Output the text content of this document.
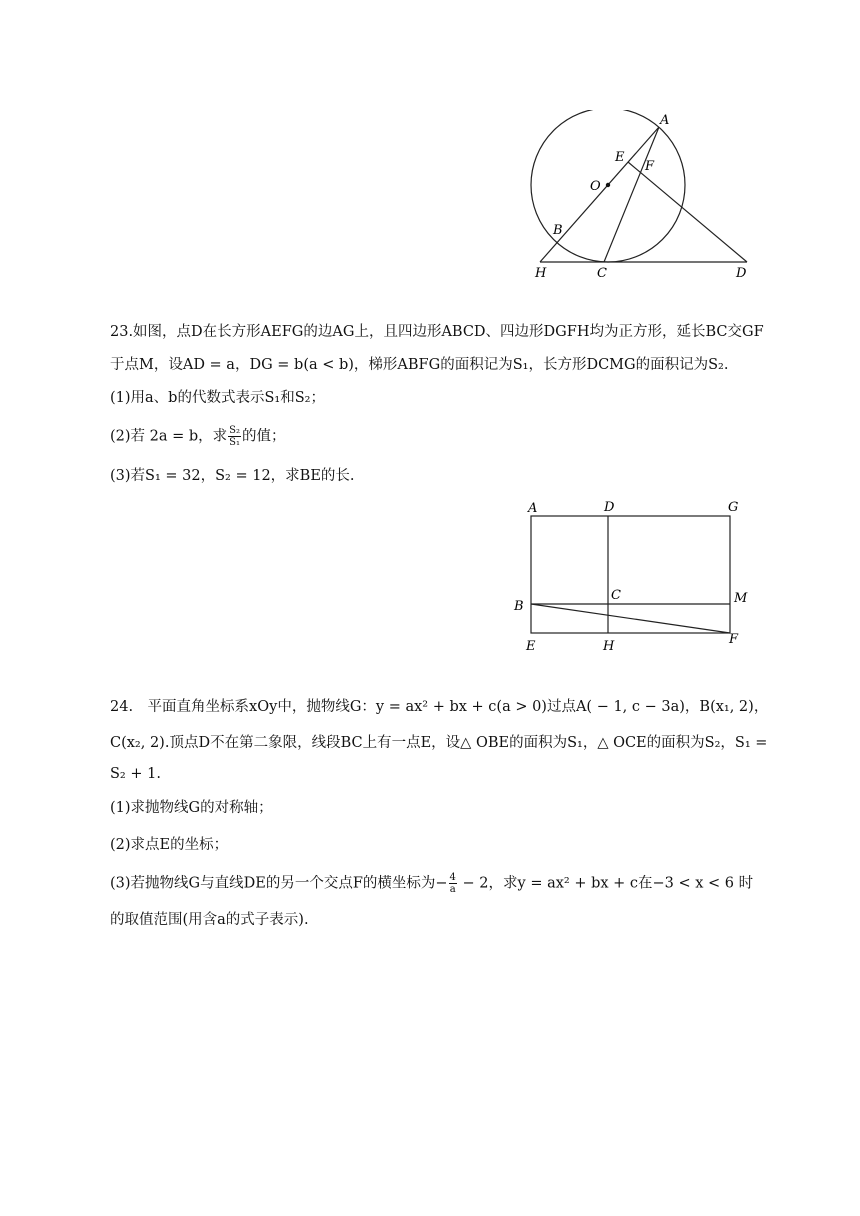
A
E
F
O
B
H	C	D
23.如图，点D在长方形AEFG的边AG上，且四边形ABCD、四边形DGFH均为正方形，延长BC交GF
于点M，设AD = a，DG = b(a < b)，梯形ABFG的面积记为S₁，长方形DCMG的面积记为S₂.
(1)用a、b的代数式表示S₁和S₂；
(2)若 2a = b，求 $\frac{\text{S₂}}{\text{S₁}}$ 的值；
(3)若S₁ = 32，S₂ = 12，求BE的长.
A	D	G
B
C	M
E	H	F
24.　平面直角坐标系xOy中，抛物线G：y = ax² + bx + c(a > 0)过点A( − 1, c − 3a)，B(x₁, 2)，
C(x₂, 2).顶点D不在第二象限，线段BC上有一点E，设△ OBE的面积为S₁，△ OCE的面积为S₂，S₁ =
S₂ + 1.
(1)求抛物线G的对称轴；
(2)求点E的坐标；
(3)若抛物线G与直线DE的另一个交点F的横坐标为− $\frac{4}{a} - 2$，求y = ax² + bx + c在−3 < x < 6 时
的取值范围(用含a的式子表示).
